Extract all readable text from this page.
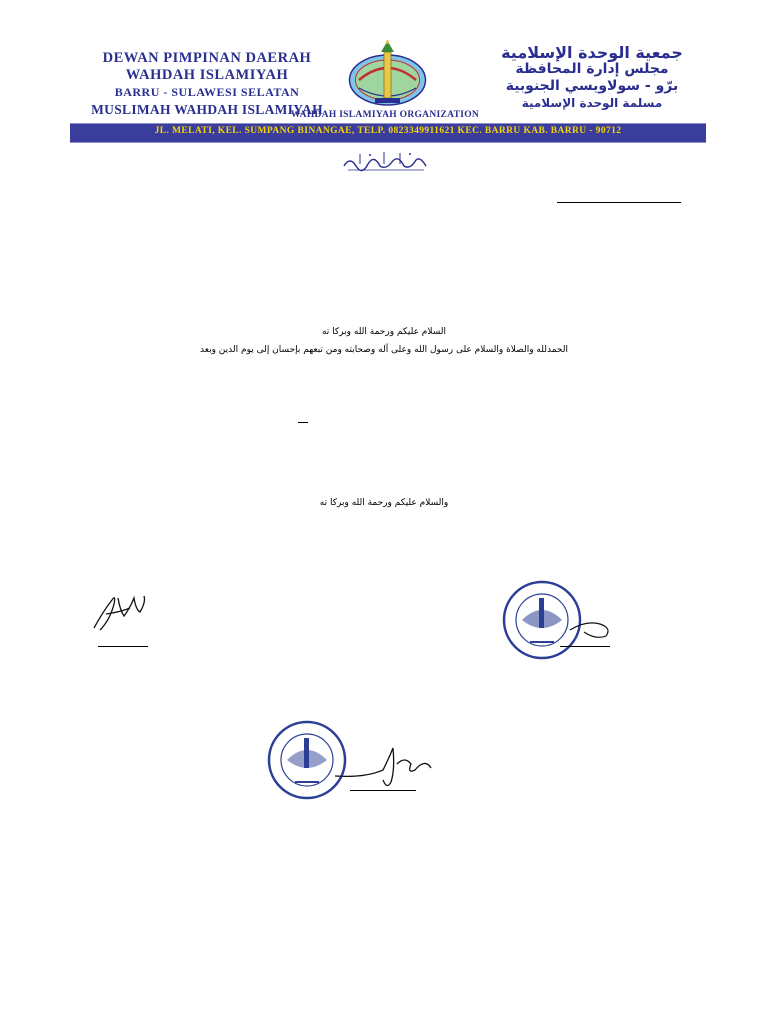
DEWAN PIMPINAN DAERAH
WAHDAH ISLAMIYAH
BARRU - SULAWESI SELATAN
MUSLIMAH WAHDAH ISLAMIYAH
جمعية الوحدة الإسلامية
مجلس إدارة المحافظة
برّو - سولاويسي الجنوبية
مسلمة الوحدة الإسلامية
WAHDAH ISLAMIYAH ORGANIZATION
JL. MELATI, KEL. SUMPANG BINANGAE, TELP. 0823349911621 KEC. BARRU KAB. BARRU - 90712
السلام عليكم ورحمة الله وبركا ته
الحمدلله والصلاة والسلام على رسول الله وعلى آله وصحابته ومن تبعهم بإحسان إلى يوم الدين وبعد
والسلام عليكم ورحمة الله وبركا ته
